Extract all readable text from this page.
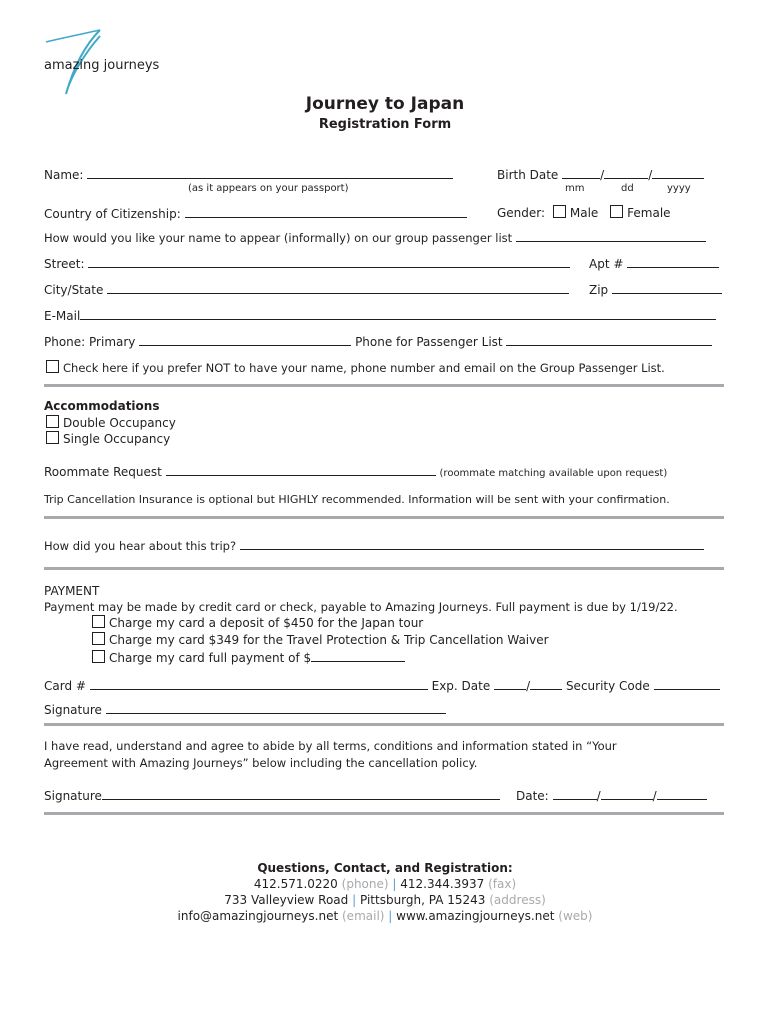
amazing journeys
Journey to Japan
Registration Form
Name:
(as it appears on your passport)
Birth Date	/	/
mm	dd	yyyy
Country of Citizenship:	Gender: Male Female
How would you like your name to appear (informally) on our group passenger list
Street:	Apt #
City/State	Zip
E-Mail
Phone: Primary	Phone for Passenger List
Check here if you prefer NOT to have your name, phone number and email on the Group Passenger List.
Accommodations
Double Occupancy
Single Occupancy
Roommate Request	(roommate matching available upon request)
Trip Cancellation Insurance is optional but HIGHLY recommended. Information will be sent with your confirmation.
How did you hear about this trip?
PAYMENT
Payment may be made by credit card or check, payable to Amazing Journeys. Full payment is due by 1/19/22.
Charge my card a deposit of $450 for the Japan tour
Charge my card $349 for the Travel Protection & Trip Cancellation Waiver
Charge my card full payment of $
Card #	Exp. Date	/	Security Code
Signature
I have read, understand and agree to abide by all terms, conditions and information stated in “Your
Agreement with Amazing Journeys” below including the cancellation policy.
Signature	Date:	/	/
Questions, Contact, and Registration:
412.571.0220 (phone) | 412.344.3937 (fax)
733 Valleyview Road | Pittsburgh, PA 15243 (address)
info@amazingjourneys.net (email) | www.amazingjourneys.net (web)
